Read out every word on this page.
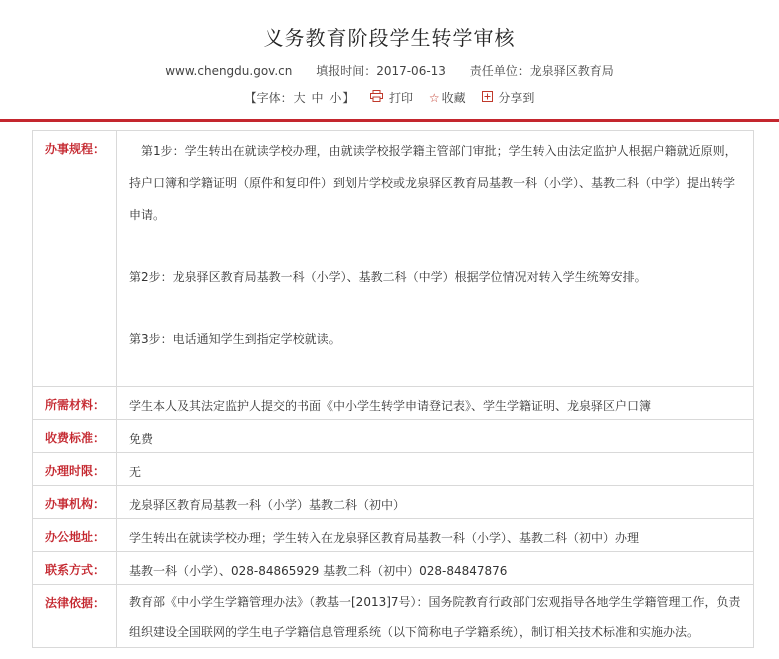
义务教育阶段学生转学审核
www.chengdu.gov.cn 填报时间：2017-06-13 责任单位：龙泉驿区教育局
【字体：大 中 小】	打印 ☆ 收藏	分享到
办事规程：	第1步：学生转出在就读学校办理，由就读学校报学籍主管部门审批；学生转入由法定监护人根据户籍就近原则，持户口簿和学籍证明（原件和复印件）到划片学校或龙泉驿区教育局基教一科（小学）、基教二科（中学）提出转学申请。

第2步：龙泉驿区教育局基教一科（小学）、基教二科（中学）根据学位情况对转入学生统筹安排。

第3步：电话通知学生到指定学校就读。

所需材料：	学生本人及其法定监护人提交的书面《中小学生转学申请登记表》、学生学籍证明、龙泉驿区户口簿
收费标准：	免费
办理时限：	无
办事机构：	龙泉驿区教育局基教一科（小学）基教二科（初中）
办公地址：	学生转出在就读学校办理；学生转入在龙泉驿区教育局基教一科（小学）、基教二科（初中）办理
联系方式：	基教一科（小学）、028-84865929 基教二科（初中）028-84847876
法律依据：	教育部《中小学生学籍管理办法》（教基一[2013]7号）：国务院教育行政部门宏观指导各地学生学籍管理工作，负责组织建设全国联网的学生电子学籍信息管理系统（以下简称电子学籍系统），制订相关技术标准和实施办法。
